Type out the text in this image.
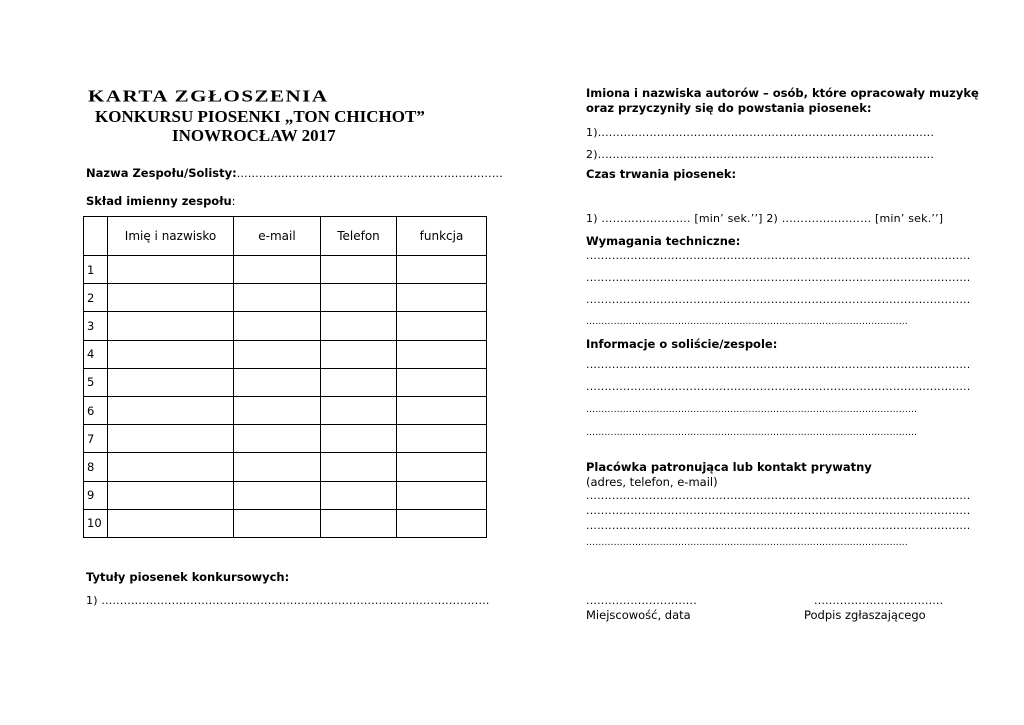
KARTA ZGŁOSZENIA
KONKURSU PIOSENKI „TON CHICHOT”
INOWROCŁAW 2017
Nazwa Zespołu/Solisty:........................................................................
Skład imienny zespołu:
	Imię i nazwisko	e-mail	Telefon	funkcja
1				
2				
3				
4				
5				
6				
7				
8				
9				
10				
Tytuły piosenek konkursowych:
1) .........................................................................................................
Imiona i nazwiska autorów – osób, które opracowały muzykę
oraz przyczyniły się do powstania piosenek:
1)...........................................................................................
2)...........................................................................................
Czas trwania piosenek:
1) ……………......... [min’ sek.’’] 2) …………………… [min’ sek.’’]
Wymagania techniczne:
........................................................................................................
........................................................................................................
........................................................................................................
……………………………………………………………………………………………
Informacje o soliście/zespole:
........................................................................................................
........................................................................................................
………………………………………………………………………………………………
………………………………………………………………………………………………
Placówka patronująca lub kontakt prywatny
(adres, telefon, e-mail)
........................................................................................................
........................................................................................................
........................................................................................................
……………………………………………………………………………………………
..............................
Miejscowość, data
...................................
Podpis zgłaszającego
